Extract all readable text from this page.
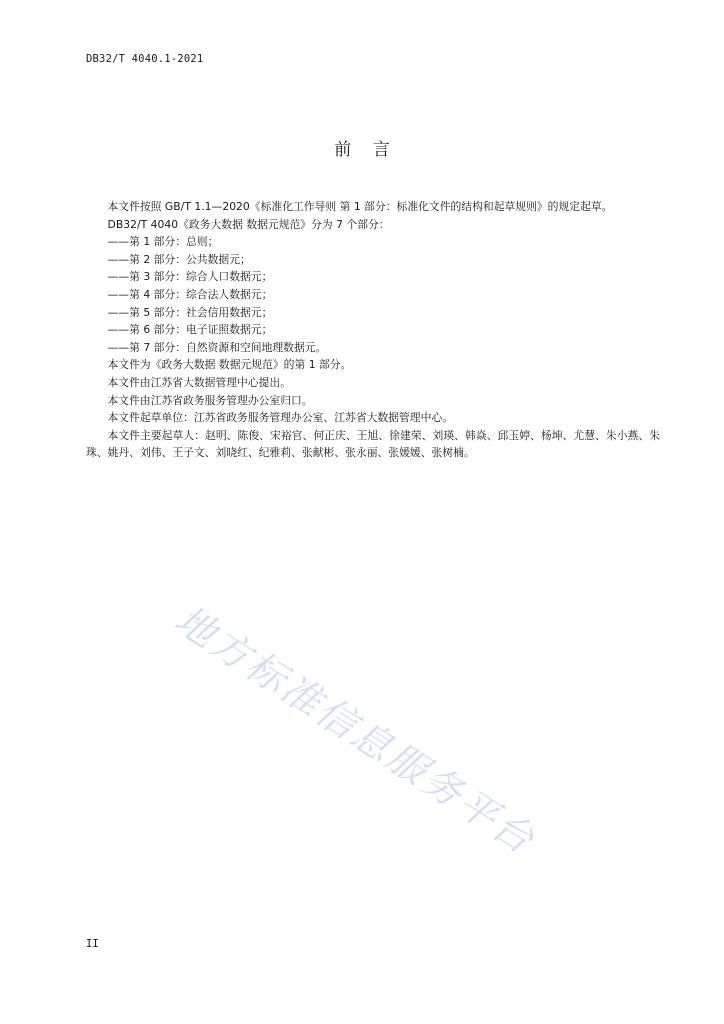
DB32/T 4040.1-2021
前    言

本文件按照 GB/T 1.1—2020《标准化工作导则 第 1 部分：标准化文件的结构和起草规则》的规定起草。

DB32/T 4040《政务大数据 数据元规范》分为 7 个部分：

——第 1 部分：总则；

——第 2 部分：公共数据元；

——第 3 部分：综合人口数据元；

——第 4 部分：综合法人数据元；

——第 5 部分：社会信用数据元；

——第 6 部分：电子证照数据元；

——第 7 部分：自然资源和空间地理数据元。

本文件为《政务大数据 数据元规范》的第 1 部分。

本文件由江苏省大数据管理中心提出。

本文件由江苏省政务服务管理办公室归口。

本文件起草单位：江苏省政务服务管理办公室、江苏省大数据管理中心。

本文件主要起草人：赵明、陈俊、宋裕官、何正庆、王旭、徐建荣、刘瑛、韩焱、邱玉婷、杨坤、尤慧、朱小燕、朱珠、姚丹、刘伟、王子文、刘晓红、纪雅莉、张献彬、张永丽、张媛媛、张树楠。

地方标准信息服务平台
II
